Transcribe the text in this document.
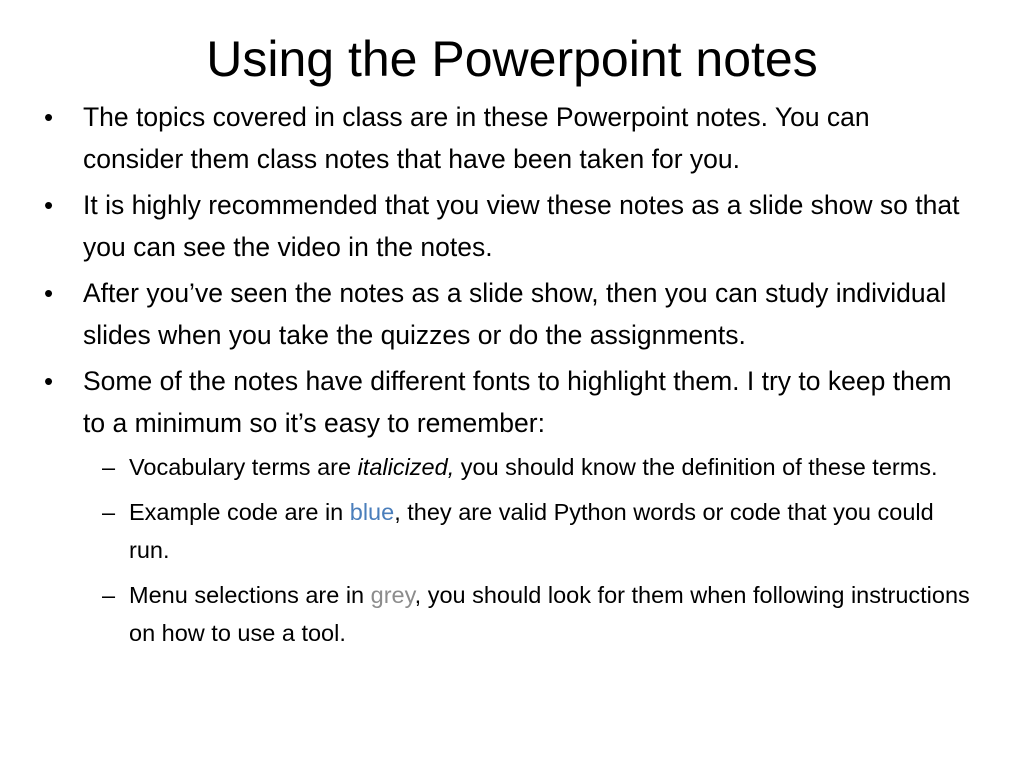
Using the Powerpoint notes
•	The topics covered in class are in these Powerpoint notes. You can consider them class notes that have been taken for you.
•	It is highly recommended that you view these notes as a slide show so that you can see the video in the notes.
•	After you’ve seen the notes as a slide show, then you can study individual slides when you take the quizzes or do the assignments.
•	Some of the notes have different fonts to highlight them. I try to keep them to a minimum so it’s easy to remember:
– Vocabulary terms are italicized, you should know the definition of these terms.
– Example code are in blue, they are valid Python words or code that you could run.
– Menu selections are in grey, you should look for them when following instructions on how to use a tool.
